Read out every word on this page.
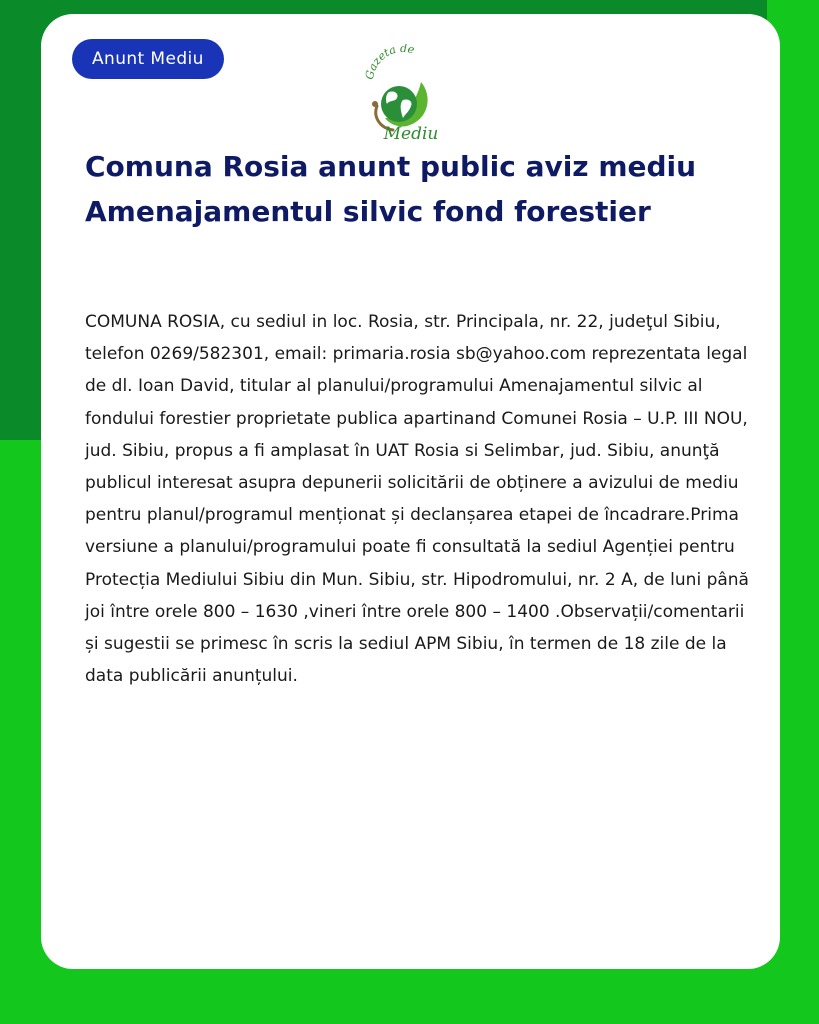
Anunt Mediu
Gazeta de
Mediu
Comuna Rosia anunt public aviz mediu Amenajamentul silvic fond forestier

COMUNA ROSIA, cu sediul in loc. Rosia, str. Principala, nr. 22, judeţul Sibiu, telefon 0269/582301, email: primaria.rosia sb@yahoo.com reprezentata legal de dl. Ioan David, titular al planului/programului Amenajamentul silvic al fondului forestier proprietate publica apartinand Comunei Rosia – U.P. III NOU, jud. Sibiu, propus a fi amplasat în UAT Rosia si Selimbar, jud. Sibiu, anunţă publicul interesat asupra depunerii solicitării de obținere a avizului de mediu pentru planul/programul menționat și declanșarea etapei de încadrare.Prima versiune a planului/programului poate fi consultată la sediul Agenției pentru Protecția Mediului Sibiu din Mun. Sibiu, str. Hipodromului, nr. 2 A, de luni până joi între orele 800 – 1630 ,vineri între orele 800 – 1400 .Observații/comentarii și sugestii se primesc în scris la sediul APM Sibiu, în termen de 18 zile de la data publicării anunțului.
